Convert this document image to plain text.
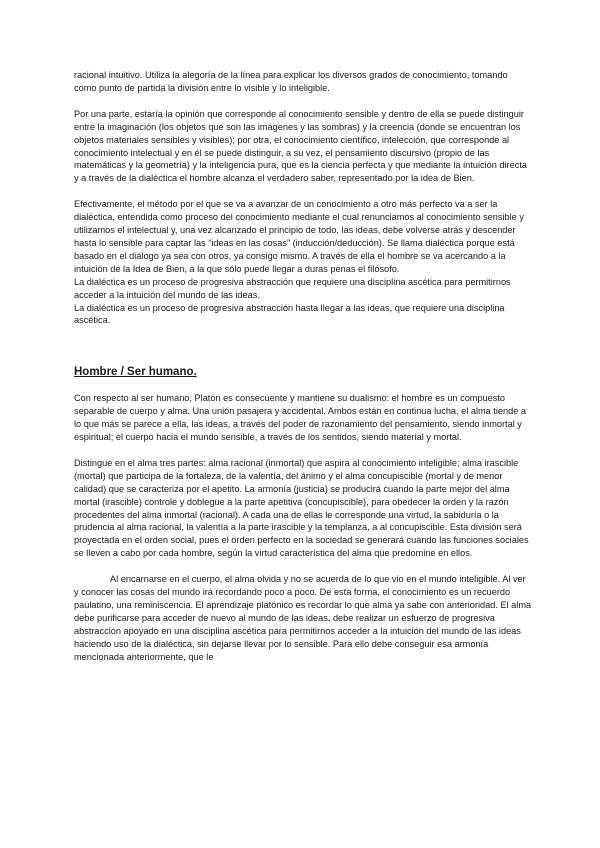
racional intuitivo. Utiliza la alegoría de la línea para explicar los diversos grados de conocimiento, tomando como punto de partida la división entre lo visible y lo inteligible.

Por una parte, estaría la opinión que corresponde al conocimiento sensible y dentro de ella se puede distinguir entre la imaginación (los objetos que son las imágenes y las sombras) y la creencia (donde se encuentran los objetos materiales sensibles y visibles); por otra, el conocimiento científico, intelección, que corresponde al conocimiento intelectual y en él se puede distinguir, a su vez, el pensamiento discursivo (propio de las matemáticas y la geometría) y la inteligencia pura, que es la ciencia perfecta y que mediante la intuición directa y a través de la dialéctica el hombre alcanza el verdadero saber, representado por la idea de Bien.

Efectivamente, el método por el que se va a avanzar de un conocimiento a otro más perfecto va a ser la dialéctica, entendida como proceso del conocimiento mediante el cual renunciamos al conocimiento sensible y utilizamos el intelectual y, una vez alcanzado el principio de todo, las ideas, debe volverse atrás y descender hasta lo sensible para captar las “ideas en las cosas” (inducción/deducción). Se llama dialéctica porque está basado en el diálogo ya sea con otros, ya consigo mismo. A través de ella el hombre se va acercando a la intuición de la Idea de Bien, a la que sólo puede llegar a duras penas el filósofo.

La dialéctica es un proceso de progresiva abstracción que requiere una disciplina ascética para permitirnos acceder a la intuición del mundo de las ideas.

La dialéctica es un proceso de progresiva abstracción hasta llegar a las ideas, que requiere una disciplina ascética.

Hombre / Ser humano.

Con respecto al ser humano, Platón es consecuente y mantiene su dualismo: el hombre es un compuesto separable de cuerpo y alma. Una unión pasajera y accidental. Ambos están en continua lucha, el alma tiende a lo que más se parece a ella, las ideas, a través del poder de razonamiento del pensamiento, siendo inmortal y espiritual; el cuerpo hacia el mundo sensible, a través de los sentidos, siendo material y mortal.

Distingue en el alma tres partes: alma racional (inmortal) que aspira al conocimiento inteligible; alma irascible (mortal) que participa de la fortaleza, de la valentía, del ánimo y el alma concupiscible (mortal y de menor calidad) que se caracteriza por el apetito. La armonía (justicia) se producirá cuando la parte mejor del alma mortal (irascible) controle y doblegue a la parte apetitiva (concupiscible), para obedecer la orden y la razón procedentes del alma inmortal (racional). A cada una de ellas le corresponde una virtud, la sabiduría o la prudencia al alma racional, la valentía a la parte irascible y la templanza, a al concupiscible. Esta división será proyectada en el orden social, pues el orden perfecto en la sociedad se generará cuando las funciones sociales se lleven a cabo por cada hombre, según la virtud característica del alma que predomine en ellos.

Al encarnarse en el cuerpo, el alma olvida y no se acuerda de lo que vio en el mundo inteligible. Al ver y conocer las cosas del mundo irá recordando poco a poco. De esta forma, el conocimiento es un recuerdo paulatino, una reminiscencia. El aprendizaje platónico es recordar lo que alma ya sabe con anterioridad. El alma debe purificarse para acceder de nuevo al mundo de las ideas, debe realizar un esfuerzo de progresiva abstracción apoyado en una disciplina ascética para permitirnos acceder a la intuición del mundo de las ideas haciendo uso de la dialéctica, sin dejarse llevar por lo sensible. Para ello debe conseguir esa armonía mencionada anteriormente, que le
